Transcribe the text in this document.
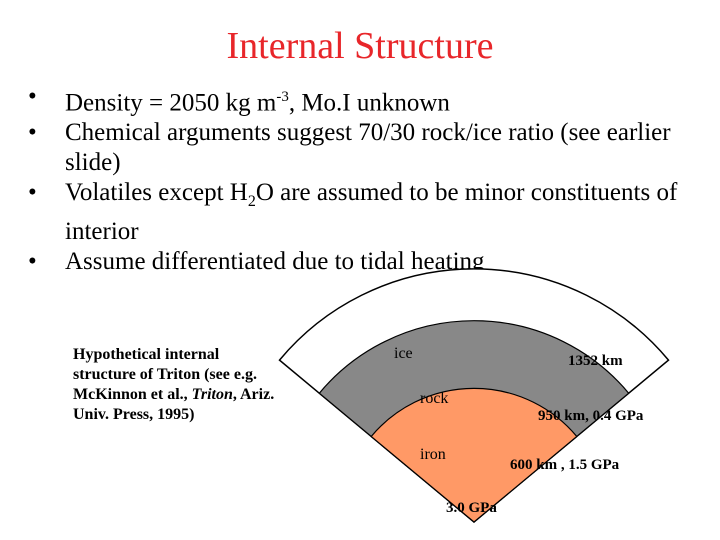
Internal Structure
•	Density = 2050 kg $m^{-3}$, Mo.I unknown
•	Chemical arguments suggest 70/30 rock/ice ratio (see earlier slide)
•	Volatiles except $H_2O$ are assumed to be minor constituents of interior
•	Assume differentiated due to tidal heating
Hypothetical internal structure of Triton (see e.g. McKinnon et al., Triton, Ariz. Univ. Press, 1995)
ice	1352 km
rock
950 km, 0.4 GPa
iron
600 km , 1.5 GPa
3.0 GPa
